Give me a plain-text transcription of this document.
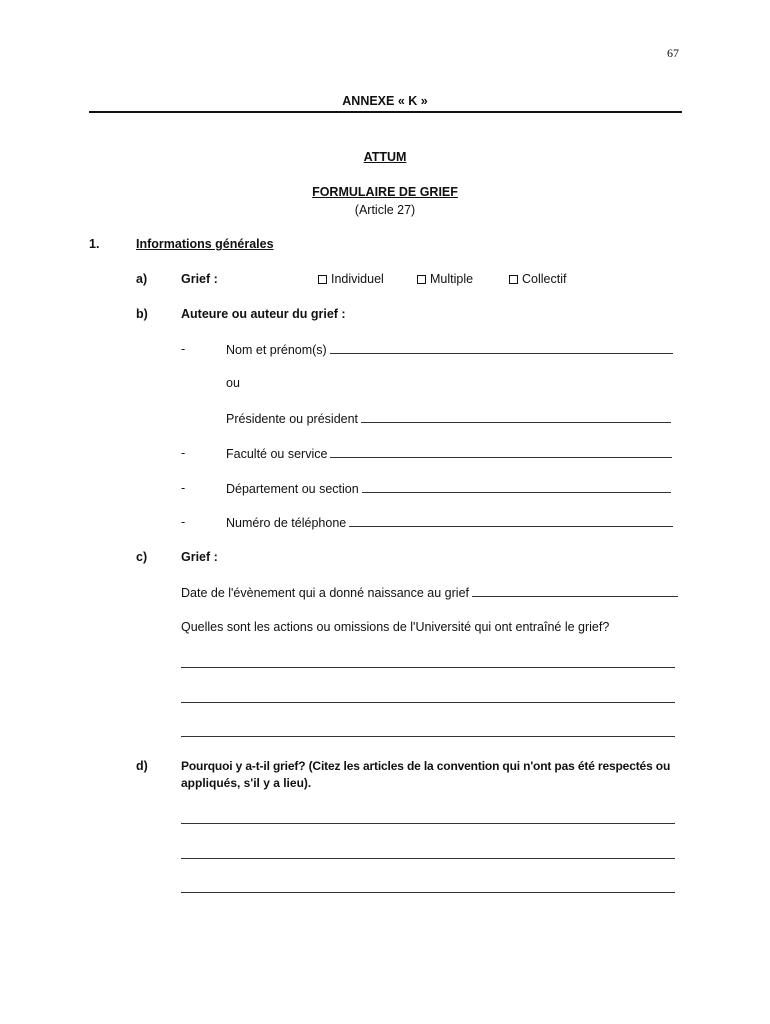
67
ANNEXE « K »
ATTUM
FORMULAIRE DE GRIEF
(Article 27)
1.	Informations générales
a)	Grief :	Individuel	Multiple	Collectif
b)	Auteure ou auteur du grief :
-	Nom et prénom(s)
ou
Présidente ou président
-	Faculté ou service
-	Département ou section
-	Numéro de téléphone
c)	Grief :
Date de l'évènement qui a donné naissance au grief
Quelles sont les actions ou omissions de l'Université qui ont entraîné le grief?
d)	Pourquoi y a-t-il grief? (Citez les articles de la convention qui n'ont pas été respectés ou
appliqués, s'il y a lieu).
